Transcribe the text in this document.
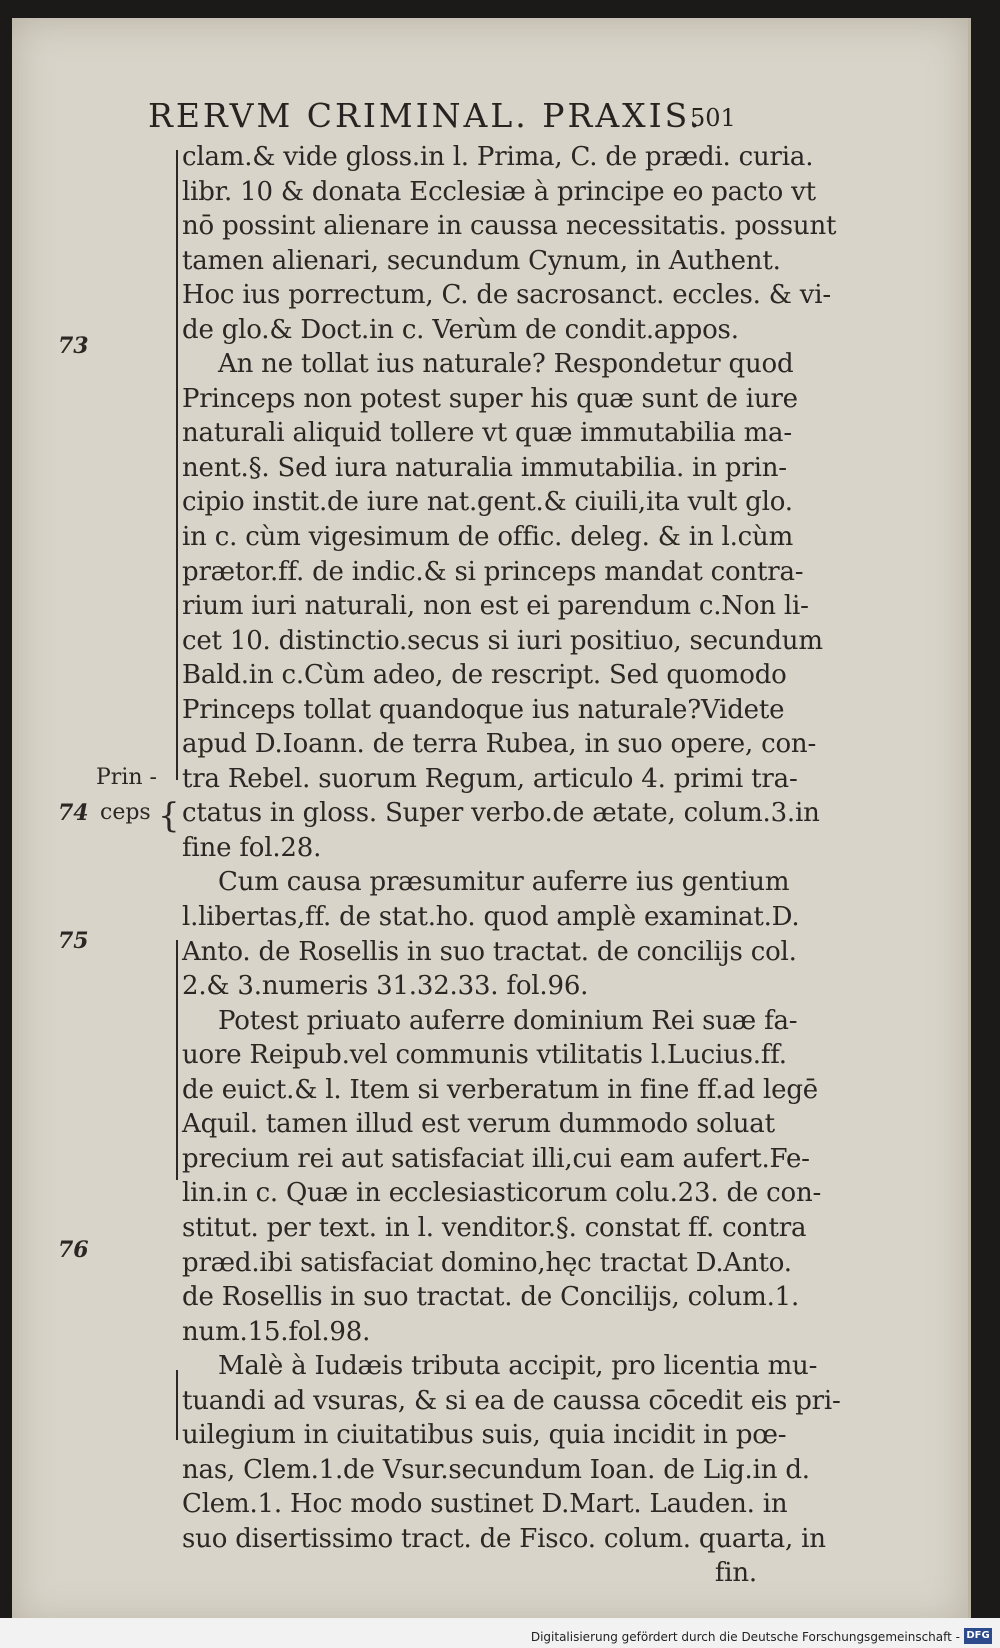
RERVM CRIMINAL. PRAXIS.
501
73
Prin -
74 ceps {
75
76
clam.& vide gloss.in l. Prima, C. de prædi. curia.
libr. 10 & donata Ecclesiæ à principe eo pacto vt
nō possint alienare in caussa necessitatis. possunt
tamen alienari, secundum Cynum, in Authent.
Hoc ius porrectum, C. de sacrosanct. eccles. & vi-
de glo.& Doct.in c. Verùm de condit.appos.
An ne tollat ius naturale? Respondetur quod
Princeps non potest super his quæ sunt de iure
naturali aliquid tollere vt quæ immutabilia ma-
nent.§. Sed iura naturalia immutabilia. in prin-
cipio instit.de iure nat.gent.& ciuili,ita vult glo.
in c. cùm vigesimum de offic. deleg. & in l.cùm
prætor.ff. de indic.& si princeps mandat contra-
rium iuri naturali, non est ei parendum c.Non li-
cet 10. distinctio.secus si iuri positiuo, secundum
Bald.in c.Cùm adeo, de rescript. Sed quomodo
Princeps tollat quandoque ius naturale?Videte
apud D.Ioann. de terra Rubea, in suo opere, con-
tra Rebel. suorum Regum, articulo 4. primi tra-
ctatus in gloss. Super verbo.de ætate, colum.3.in
fine fol.28.
Cum causa præsumitur auferre ius gentium
l.libertas,ff. de stat.ho. quod amplè examinat.D.
Anto. de Rosellis in suo tractat. de concilijs col.
2.& 3.numeris 31.32.33. fol.96.
Potest priuato auferre dominium Rei suæ fa-
uore Reipub.vel communis vtilitatis l.Lucius.ff.
de euict.& l. Item si verberatum in fine ff.ad legē
Aquil. tamen illud est verum dummodo soluat
precium rei aut satisfaciat illi,cui eam aufert.Fe-
lin.in c. Quæ in ecclesiasticorum colu.23. de con-
stitut. per text. in l. venditor.§. constat ff. contra
præd.ibi satisfaciat domino,hęc tractat D.Anto.
de Rosellis in suo tractat. de Concilijs, colum.1.
num.15.fol.98.
Malè à Iudæis tributa accipit, pro licentia mu-
tuandi ad vsuras, & si ea de caussa cōcedit eis pri-
uilegium in ciuitatibus suis, quia incidit in pœ-
nas, Clem.1.de Vsur.secundum Ioan. de Lig.in d.
Clem.1. Hoc modo sustinet D.Mart. Lauden. in
suo disertissimo tract. de Fisco. colum. quarta, in
fin.
Digitalisierung gefördert durch die Deutsche Forschungsgemeinschaft - DFG
